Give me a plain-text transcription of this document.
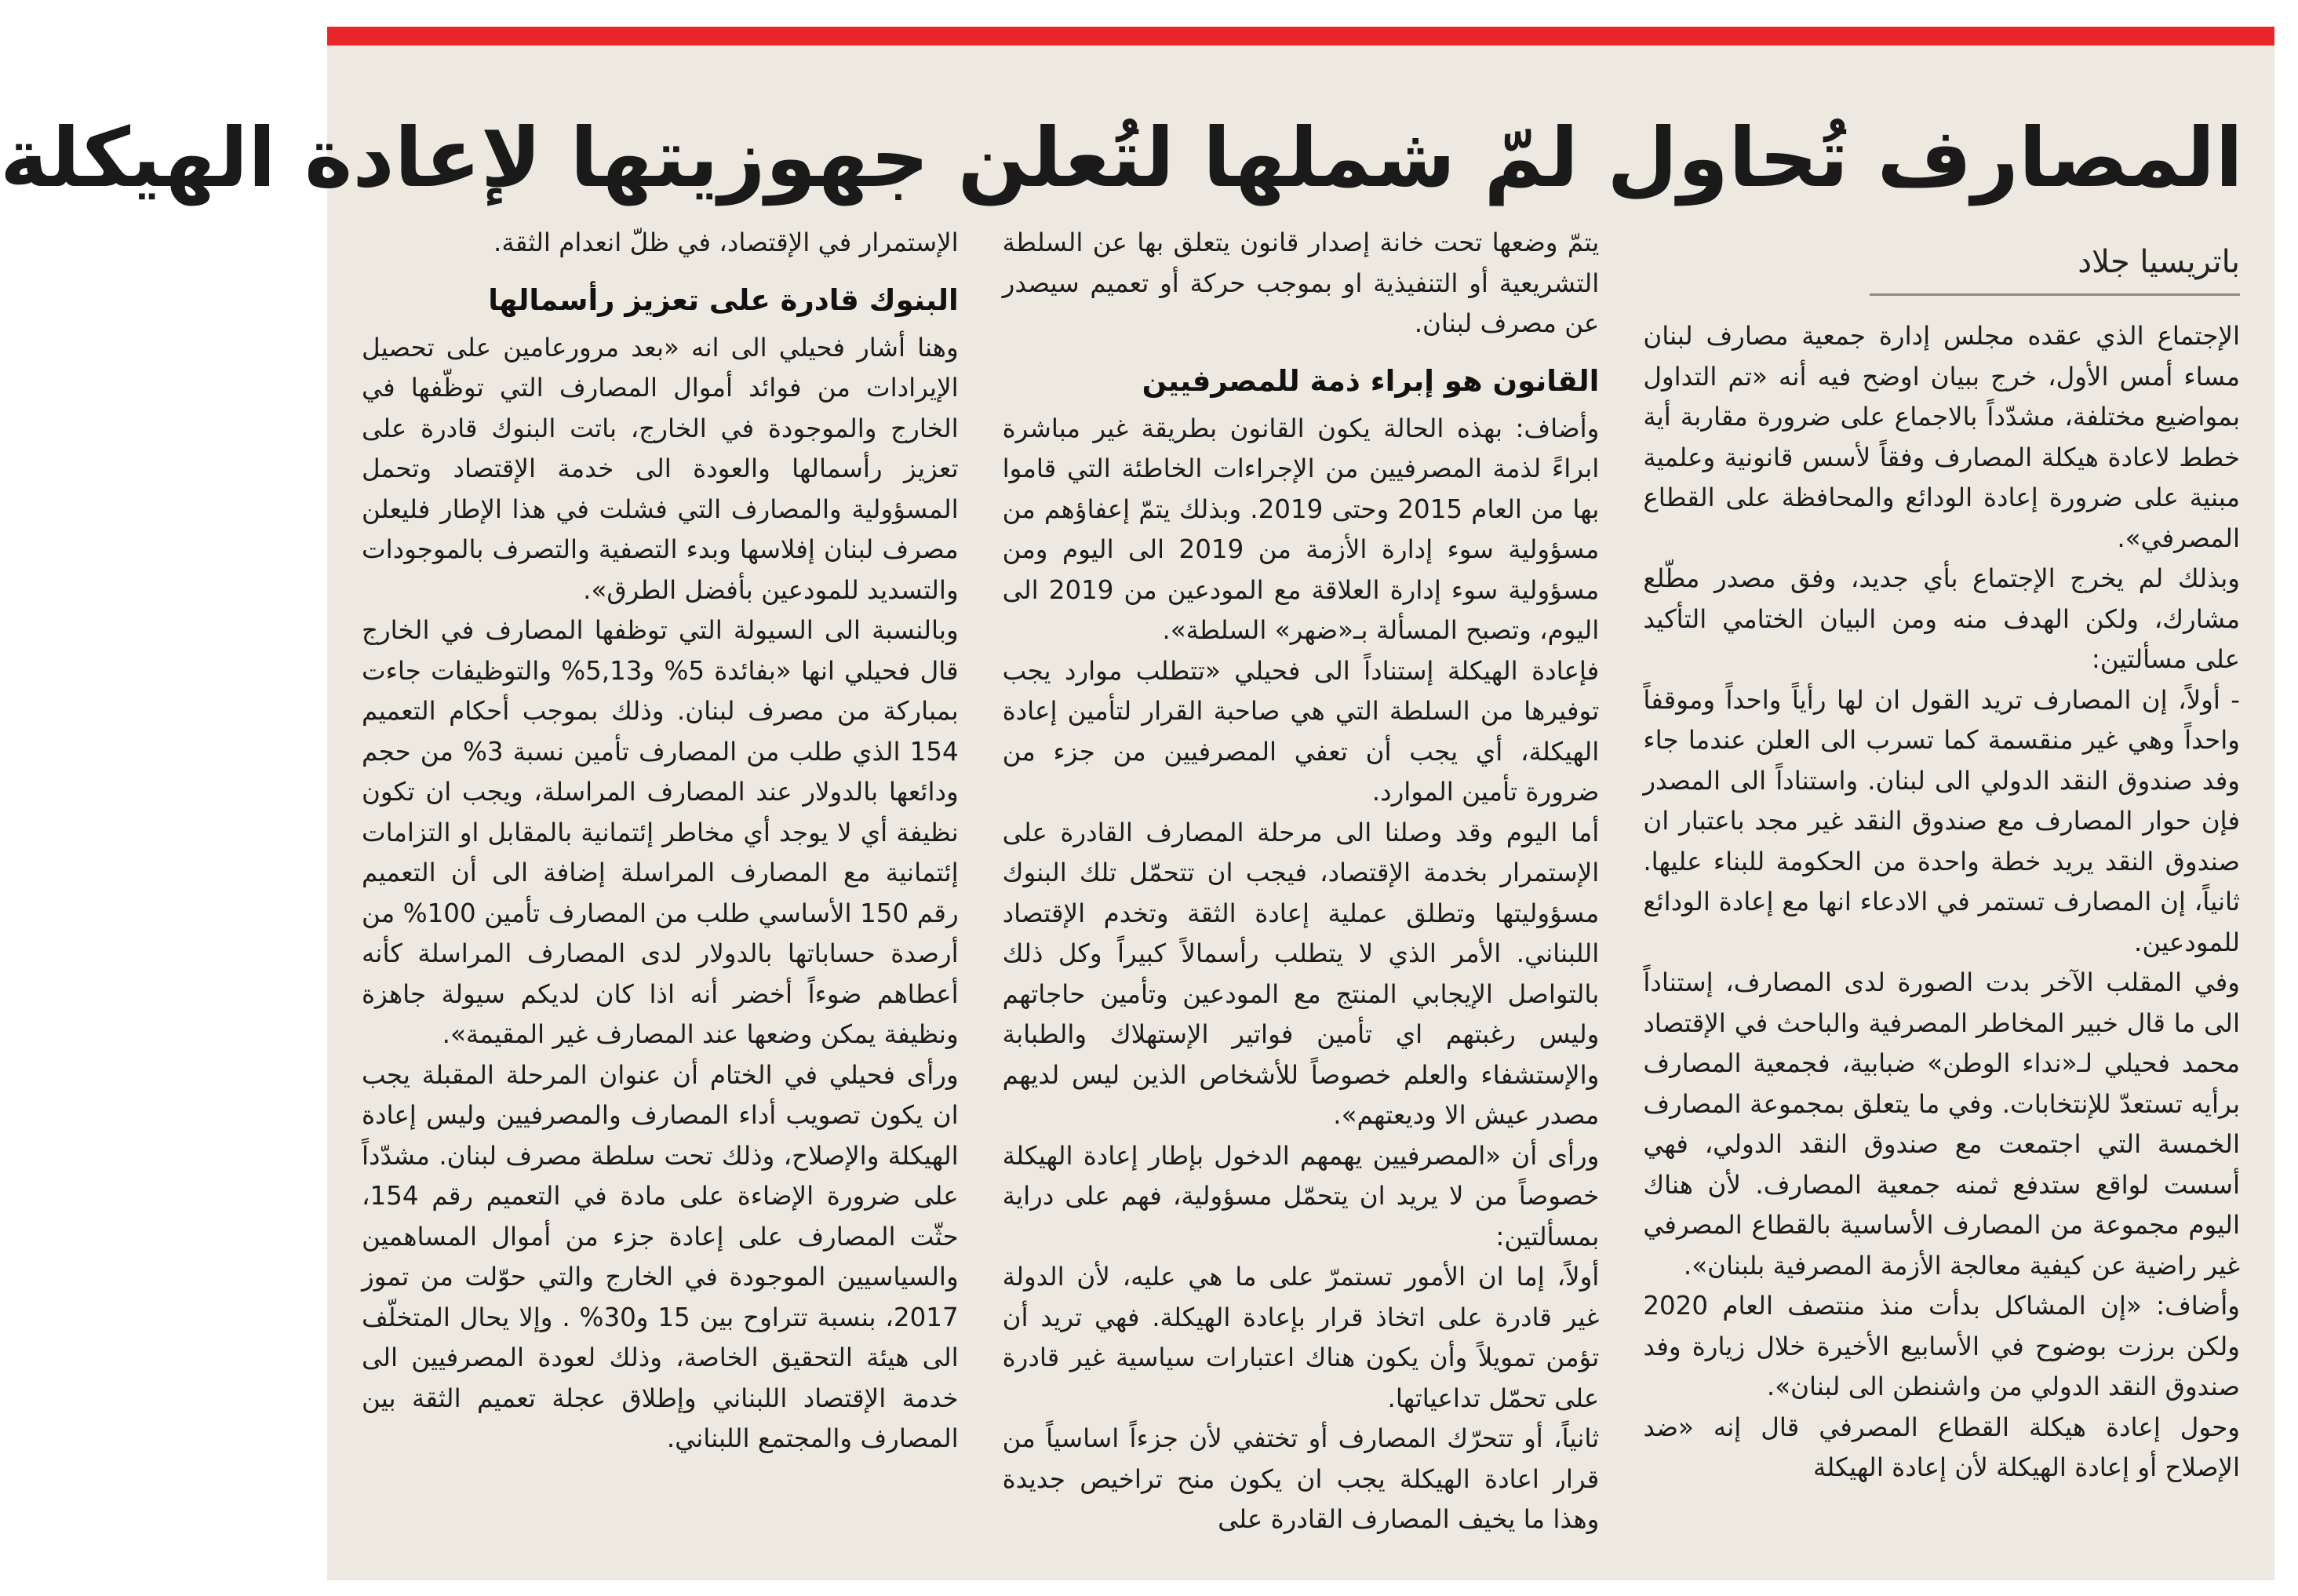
المصارف تُحاول لمّ شملها لتُعلن جهوزيتها لإعادة الهيكلة
باتريسيا جلاد

الإجتماع الذي عقده مجلس إدارة جمعية مصارف لبنان مساء أمس الأول، خرج ببيان اوضح فيه أنه «تم التداول بمواضيع مختلفة، مشدّداً بالاجماع على ضرورة مقاربة أية خطط لاعادة هيكلة المصارف وفقاً لأسس قانونية وعلمية مبنية على ضرورة إعادة الودائع والمحافظة على القطاع المصرفي».

وبذلك لم يخرج الإجتماع بأي جديد، وفق مصدر مطّلع مشارك، ولكن الهدف منه ومن البيان الختامي التأكيد على مسألتين:

- أولاً، إن المصارف تريد القول ان لها رأياً واحداً وموقفاً واحداً وهي غير منقسمة كما تسرب الى العلن عندما جاء وفد صندوق النقد الدولي الى لبنان. واستناداً الى المصدر فإن حوار المصارف مع صندوق النقد غير مجد باعتبار ان صندوق النقد يريد خطة واحدة من الحكومة للبناء عليها. ثانياً، إن المصارف تستمر في الادعاء انها مع إعادة الودائع للمودعين.

وفي المقلب الآخر بدت الصورة لدى المصارف، إستناداً الى ما قال خبير المخاطر المصرفية والباحث في الإقتصاد محمد فحيلي لـ«نداء الوطن» ضبابية، فجمعية المصارف برأيه تستعدّ للإنتخابات. وفي ما يتعلق بمجموعة المصارف الخمسة التي اجتمعت مع صندوق النقد الدولي، فهي أسست لواقع ستدفع ثمنه جمعية المصارف. لأن هناك اليوم مجموعة من المصارف الأساسية بالقطاع المصرفي غير راضية عن كيفية معالجة الأزمة المصرفية بلبنان».

وأضاف: «إن المشاكل بدأت منذ منتصف العام 2020 ولكن برزت بوضوح في الأسابيع الأخيرة خلال زيارة وفد صندوق النقد الدولي من واشنطن الى لبنان».

وحول إعادة هيكلة القطاع المصرفي قال إنه «ضد الإصلاح أو إعادة الهيكلة لأن إعادة الهيكلة

يتمّ وضعها تحت خانة إصدار قانون يتعلق بها عن السلطة التشريعية أو التنفيذية او بموجب حركة أو تعميم سيصدر عن مصرف لبنان.

القانون هو إبراء ذمة للمصرفيين

وأضاف: بهذه الحالة يكون القانون بطريقة غير مباشرة ابراءً لذمة المصرفيين من الإجراءات الخاطئة التي قاموا بها من العام 2015 وحتى 2019. وبذلك يتمّ إعفاؤهم من مسؤولية سوء إدارة الأزمة من 2019 الى اليوم ومن مسؤولية سوء إدارة العلاقة مع المودعين من 2019 الى اليوم، وتصبح المسألة بـ«ضهر» السلطة».

فإعادة الهيكلة إستناداً الى فحيلي «تتطلب موارد يجب توفيرها من السلطة التي هي صاحبة القرار لتأمين إعادة الهيكلة، أي يجب أن تعفي المصرفيين من جزء من ضرورة تأمين الموارد.

أما اليوم وقد وصلنا الى مرحلة المصارف القادرة على الإستمرار بخدمة الإقتصاد، فيجب ان تتحمّل تلك البنوك مسؤوليتها وتطلق عملية إعادة الثقة وتخدم الإقتصاد اللبناني. الأمر الذي لا يتطلب رأسمالاً كبيراً وكل ذلك بالتواصل الإيجابي المنتج مع المودعين وتأمين حاجاتهم وليس رغبتهم اي تأمين فواتير الإستهلاك والطبابة والإستشفاء والعلم خصوصاً للأشخاص الذين ليس لديهم مصدر عيش الا وديعتهم».

ورأى أن «المصرفيين يهمهم الدخول بإطار إعادة الهيكلة خصوصاً من لا يريد ان يتحمّل مسؤولية، فهم على دراية بمسألتين:

أولاً، إما ان الأمور تستمرّ على ما هي عليه، لأن الدولة غير قادرة على اتخاذ قرار بإعادة الهيكلة. فهي تريد أن تؤمن تمويلاً وأن يكون هناك اعتبارات سياسية غير قادرة على تحمّل تداعياتها.

ثانياً، أو تتحرّك المصارف أو تختفي لأن جزءاً اساسياً من قرار اعادة الهيكلة يجب ان يكون منح تراخيص جديدة وهذا ما يخيف المصارف القادرة على

الإستمرار في الإقتصاد، في ظلّ انعدام الثقة.

البنوك قادرة على تعزيز رأسمالها

وهنا أشار فحيلي الى انه «بعد مرورعامين على تحصيل الإيرادات من فوائد أموال المصارف التي توظّفها في الخارج والموجودة في الخارج، باتت البنوك قادرة على تعزيز رأسمالها والعودة الى خدمة الإقتصاد وتحمل المسؤولية والمصارف التي فشلت في هذا الإطار فليعلن مصرف لبنان إفلاسها وبدء التصفية والتصرف بالموجودات والتسديد للمودعين بأفضل الطرق».

وبالنسبة الى السيولة التي توظفها المصارف في الخارج قال فحيلي انها «بفائدة 5% و5,13% والتوظيفات جاءت بمباركة من مصرف لبنان. وذلك بموجب أحكام التعميم 154 الذي طلب من المصارف تأمين نسبة 3% من حجم ودائعها بالدولار عند المصارف المراسلة، ويجب ان تكون نظيفة أي لا يوجد أي مخاطر إئتمانية بالمقابل او التزامات إئتمانية مع المصارف المراسلة إضافة الى أن التعميم رقم 150 الأساسي طلب من المصارف تأمين 100% من أرصدة حساباتها بالدولار لدى المصارف المراسلة كأنه أعطاهم ضوءاً أخضر أنه اذا كان لديكم سيولة جاهزة ونظيفة يمكن وضعها عند المصارف غير المقيمة».

ورأى فحيلي في الختام أن عنوان المرحلة المقبلة يجب ان يكون تصويب أداء المصارف والمصرفيين وليس إعادة الهيكلة والإصلاح، وذلك تحت سلطة مصرف لبنان. مشدّداً على ضرورة الإضاءة على مادة في التعميم رقم 154، حثّت المصارف على إعادة جزء من أموال المساهمين والسياسيين الموجودة في الخارج والتي حوّلت من تموز 2017، بنسبة تتراوح بين 15 و30% . وإلا يحال المتخلّف الى هيئة التحقيق الخاصة، وذلك لعودة المصرفيين الى خدمة الإقتصاد اللبناني وإطلاق عجلة تعميم الثقة بين المصارف والمجتمع اللبناني.
